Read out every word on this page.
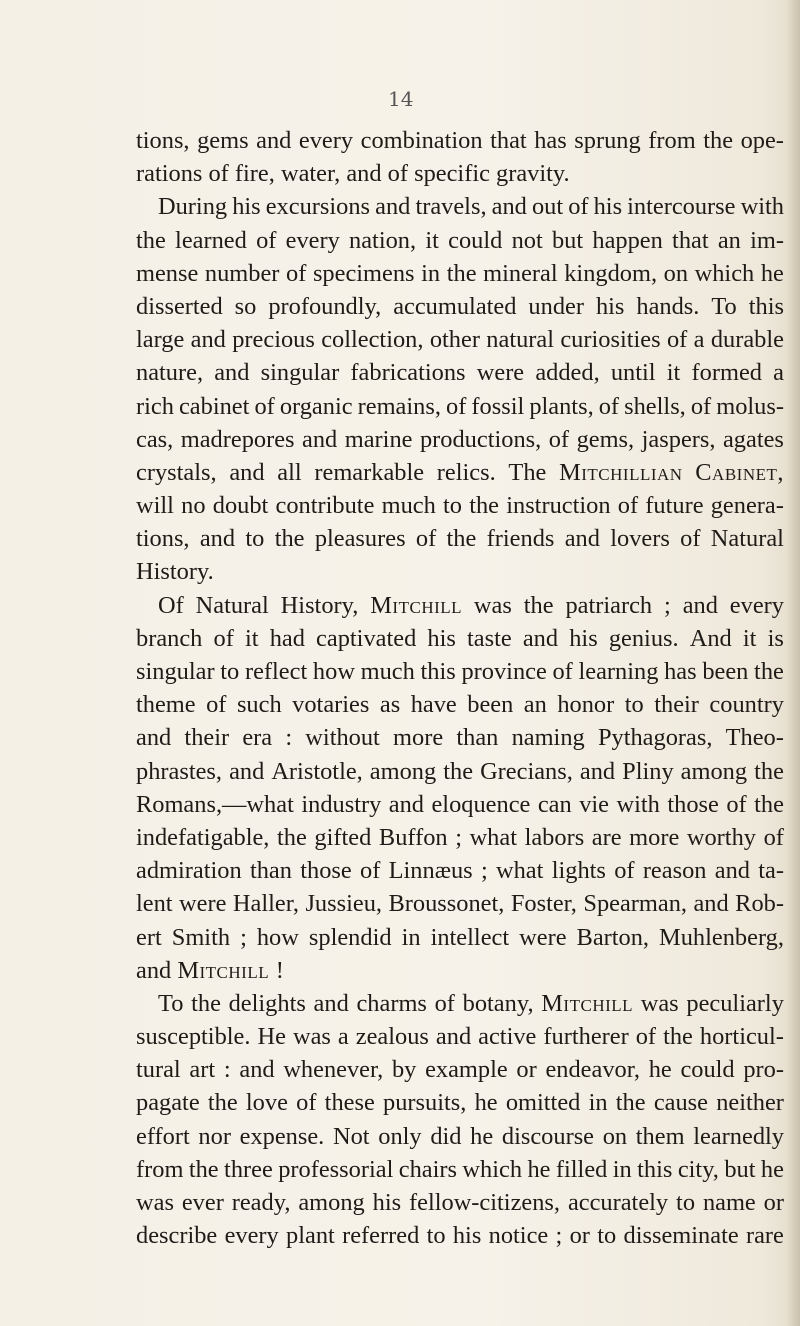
14
tions, gems and every combination that has sprung from the ope-
rations of fire, water, and of specific gravity.
During his excursions and travels, and out of his intercourse with
the learned of every nation, it could not but happen that an im-
mense number of specimens in the mineral kingdom, on which he
disserted so profoundly, accumulated under his hands. To this
large and precious collection, other natural curiosities of a durable
nature, and singular fabrications were added, until it formed a
rich cabinet of organic remains, of fossil plants, of shells, of molus-
cas, madrepores and marine productions, of gems, jaspers, agates
crystals, and all remarkable relics. The Mitchillian Cabinet,
will no doubt contribute much to the instruction of future genera-
tions, and to the pleasures of the friends and lovers of Natural
History.
Of Natural History, Mitchill was the patriarch ; and every
branch of it had captivated his taste and his genius. And it is
singular to reflect how much this province of learning has been the
theme of such votaries as have been an honor to their country
and their era : without more than naming Pythagoras, Theo-
phrastes, and Aristotle, among the Grecians, and Pliny among the
Romans,—what industry and eloquence can vie with those of the
indefatigable, the gifted Buffon ; what labors are more worthy of
admiration than those of Linnæus ; what lights of reason and ta-
lent were Haller, Jussieu, Broussonet, Foster, Spearman, and Rob-
ert Smith ; how splendid in intellect were Barton, Muhlenberg,
and Mitchill !
To the delights and charms of botany, Mitchill was peculiarly
susceptible. He was a zealous and active furtherer of the horticul-
tural art : and whenever, by example or endeavor, he could pro-
pagate the love of these pursuits, he omitted in the cause neither
effort nor expense. Not only did he discourse on them learnedly
from the three professorial chairs which he filled in this city, but he
was ever ready, among his fellow-citizens, accurately to name or
describe every plant referred to his notice ; or to disseminate rare
